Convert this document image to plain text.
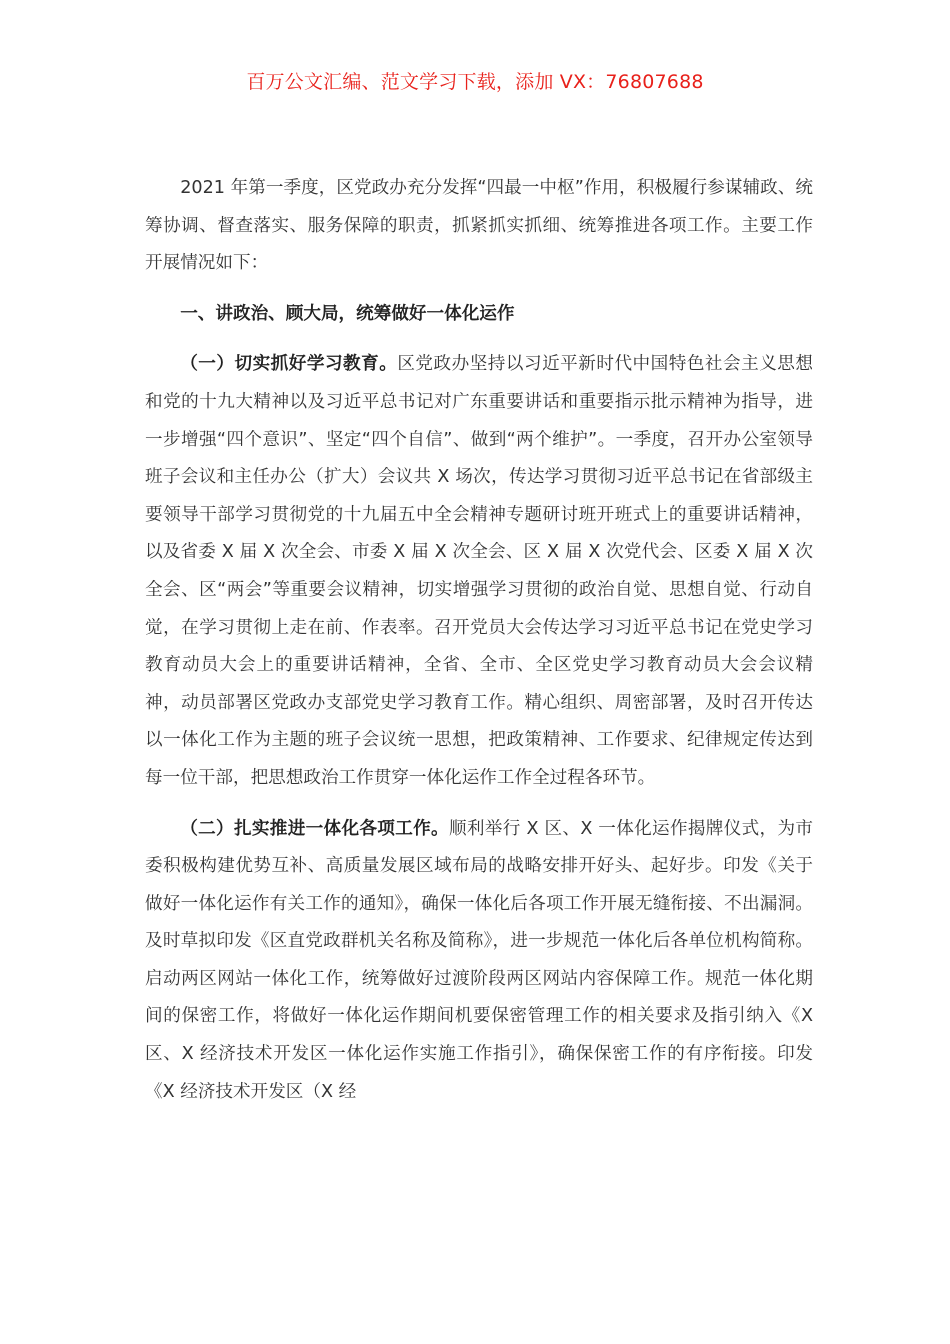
百万公文汇编、范文学习下载，添加 VX：76807688

2021 年第一季度，区党政办充分发挥“四最一中枢”作用，积极履行参谋辅政、统筹协调、督查落实、服务保障的职责，抓紧抓实抓细、统筹推进各项工作。主要工作开展情况如下：

一、讲政治、顾大局，统筹做好一体化运作

（一）切实抓好学习教育。区党政办坚持以习近平新时代中国特色社会主义思想和党的十九大精神以及习近平总书记对广东重要讲话和重要指示批示精神为指导，进一步增强“四个意识”、坚定“四个自信”、做到“两个维护”。一季度，召开办公室领导班子会议和主任办公（扩大）会议共 X 场次，传达学习贯彻习近平总书记在省部级主要领导干部学习贯彻党的十九届五中全会精神专题研讨班开班式上的重要讲话精神，以及省委 X 届 X 次全会、市委 X 届 X 次全会、区 X 届 X 次党代会、区委 X 届 X 次全会、区“两会”等重要会议精神，切实增强学习贯彻的政治自觉、思想自觉、行动自觉，在学习贯彻上走在前、作表率。召开党员大会传达学习习近平总书记在党史学习教育动员大会上的重要讲话精神，全省、全市、全区党史学习教育动员大会会议精神，动员部署区党政办支部党史学习教育工作。精心组织、周密部署，及时召开传达以一体化工作为主题的班子会议统一思想，把政策精神、工作要求、纪律规定传达到每一位干部，把思想政治工作贯穿一体化运作工作全过程各环节。

（二）扎实推进一体化各项工作。顺利举行 X 区、X 一体化运作揭牌仪式，为市委积极构建优势互补、高质量发展区域布局的战略安排开好头、起好步。印发《关于做好一体化运作有关工作的通知》，确保一体化后各项工作开展无缝衔接、不出漏洞。及时草拟印发《区直党政群机关名称及简称》，进一步规范一体化后各单位机构简称。启动两区网站一体化工作，统筹做好过渡阶段两区网站内容保障工作。规范一体化期间的保密工作，将做好一体化运作期间机要保密管理工作的相关要求及指引纳入《X 区、X 经济技术开发区一体化运作实施工作指引》，确保保密工作的有序衔接。印发《X 经济技术开发区（X 经
